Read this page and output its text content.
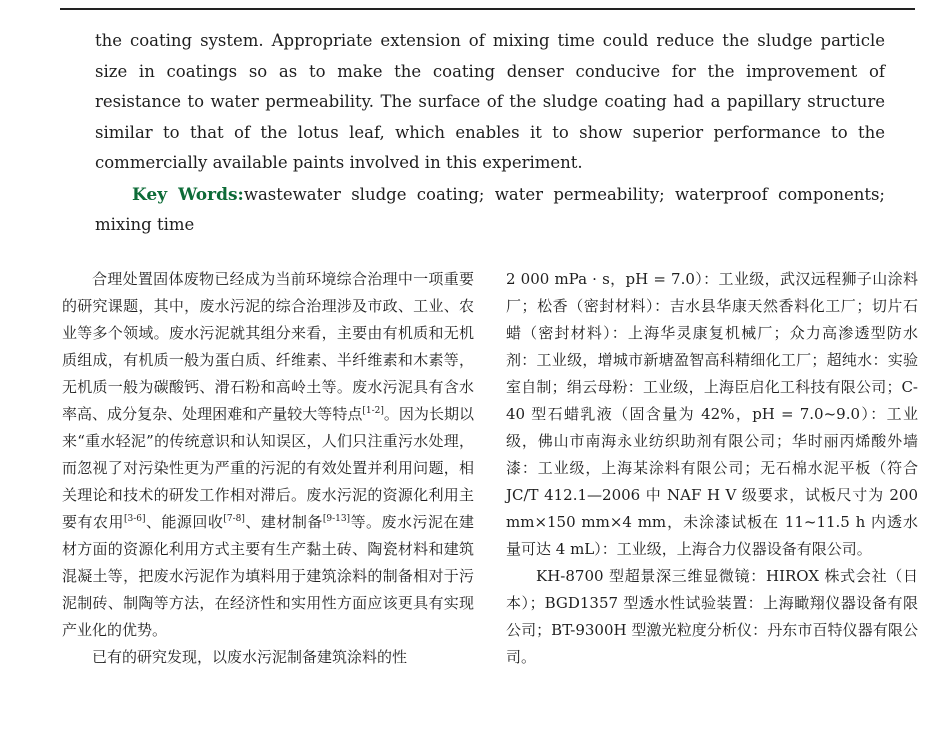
the coating system. Appropriate extension of mixing time could reduce the sludge particle size in coatings so as to make the coating denser conducive for the improvement of resistance to water permeability. The surface of the sludge coating had a papillary structure similar to that of the lotus leaf, which enables it to show superior performance to the commercially available paints involved in this experiment.

Key Words:wastewater sludge coating; water permeability; waterproof components; mixing time

合理处置固体废物已经成为当前环境综合治理中一项重要的研究课题，其中，废水污泥的综合治理涉及市政、工业、农业等多个领域。废水污泥就其组分来看，主要由有机质和无机质组成，有机质一般为蛋白质、纤维素、半纤维素和木素等，无机质一般为碳酸钙、滑石粉和高岭土等。废水污泥具有含水率高、成分复杂、处理困难和产量较大等特点[1-2]。因为长期以来“重水轻泥”的传统意识和认知误区，人们只注重污水处理，而忽视了对污染性更为严重的污泥的有效处置并利用问题，相关理论和技术的研发工作相对滞后。废水污泥的资源化利用主要有农用[3-6]、能源回收[7-8]、建材制备[9-13]等。废水污泥在建材方面的资源化利用方式主要有生产黏土砖、陶瓷材料和建筑混凝土等，把废水污泥作为填料用于建筑涂料的制备相对于污泥制砖、制陶等方法，在经济性和实用性方面应该更具有实现产业化的优势。

已有的研究发现，以废水污泥制备建筑涂料的性

2 000 mPa · s，pH = 7.0）：工业级，武汉远程狮子山涂料厂；松香（密封材料）：吉水县华康天然香料化工厂；切片石蜡（密封材料）：上海华灵康复机械厂；众力高渗透型防水剂：工业级，增城市新塘盈智高科精细化工厂；超纯水：实验室自制；绢云母粉：工业级，上海臣启化工科技有限公司；C-40 型石蜡乳液（固含量为 42%，pH = 7.0~9.0）：工业级，佛山市南海永业纺织助剂有限公司；华时丽丙烯酸外墙漆：工业级，上海某涂料有限公司；无石棉水泥平板（符合 JC/T 412.1—2006 中 NAF H V 级要求，试板尺寸为 200 mm×150 mm×4 mm，未涂漆试板在 11~11.5 h 内透水量可达 4 mL）：工业级，上海合力仪器设备有限公司。

KH-8700 型超景深三维显微镜：HIROX 株式会社（日本）；BGD1357 型透水性试验装置：上海瞰翔仪器设备有限公司；BT-9300H 型激光粒度分析仪：丹东市百特仪器有限公司。
